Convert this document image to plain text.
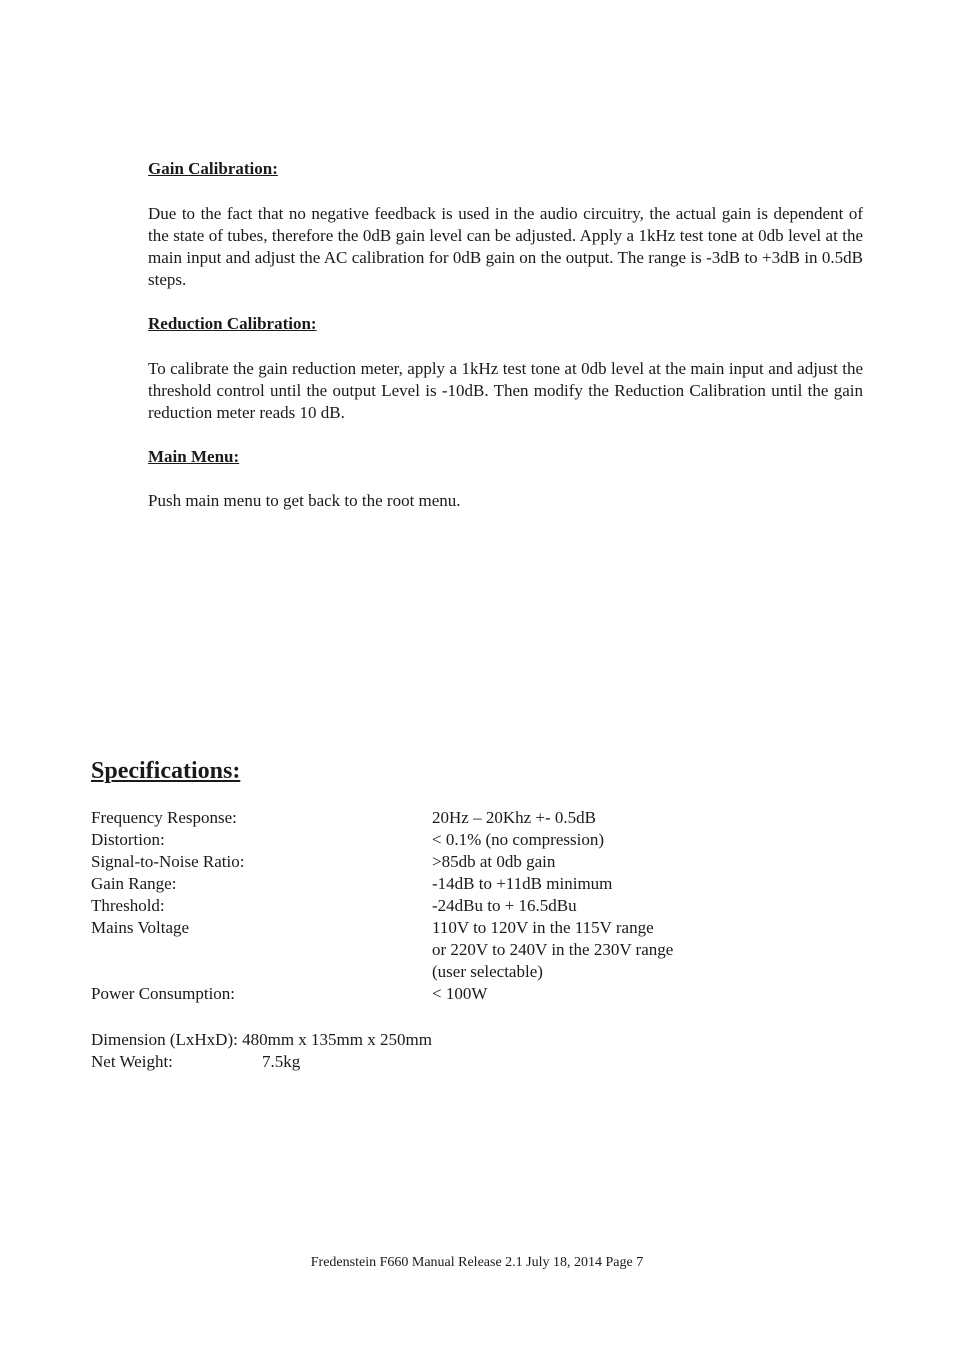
Gain Calibration:

Due to the fact that no negative feedback is used in the audio circuitry, the actual gain is dependent of the state of tubes, therefore the 0dB gain level can be adjusted. Apply a 1kHz test tone at 0db level at the main input and adjust the AC calibration for 0dB gain on the output. The range is -3dB to +3dB in 0.5dB steps.

Reduction Calibration:

To calibrate the gain reduction meter, apply a 1kHz test tone at 0db level at the main input and adjust the threshold control until the output Level is -10dB. Then modify the Reduction Calibration until the gain reduction meter reads 10 dB.

Main Menu:

Push main menu to get back to the root menu.

Specifications:
Frequency Response:	20Hz – 20Khz +- 0.5dB
Distortion:	< 0.1% (no compression)
Signal-to-Noise Ratio:	>85db at 0db gain
Gain Range:	-14dB to +11dB minimum
Threshold:	-24dBu to + 16.5dBu
Mains Voltage	110V to 120V in the 115V range
or 220V to 240V in the 230V range
(user selectable)
Power Consumption:	< 100W
Dimension (LxHxD): 480mm x 135mm x 250mm
Net Weight:	7.5kg
Fredenstein F660 Manual Release 2.1 July 18, 2014 Page 7
